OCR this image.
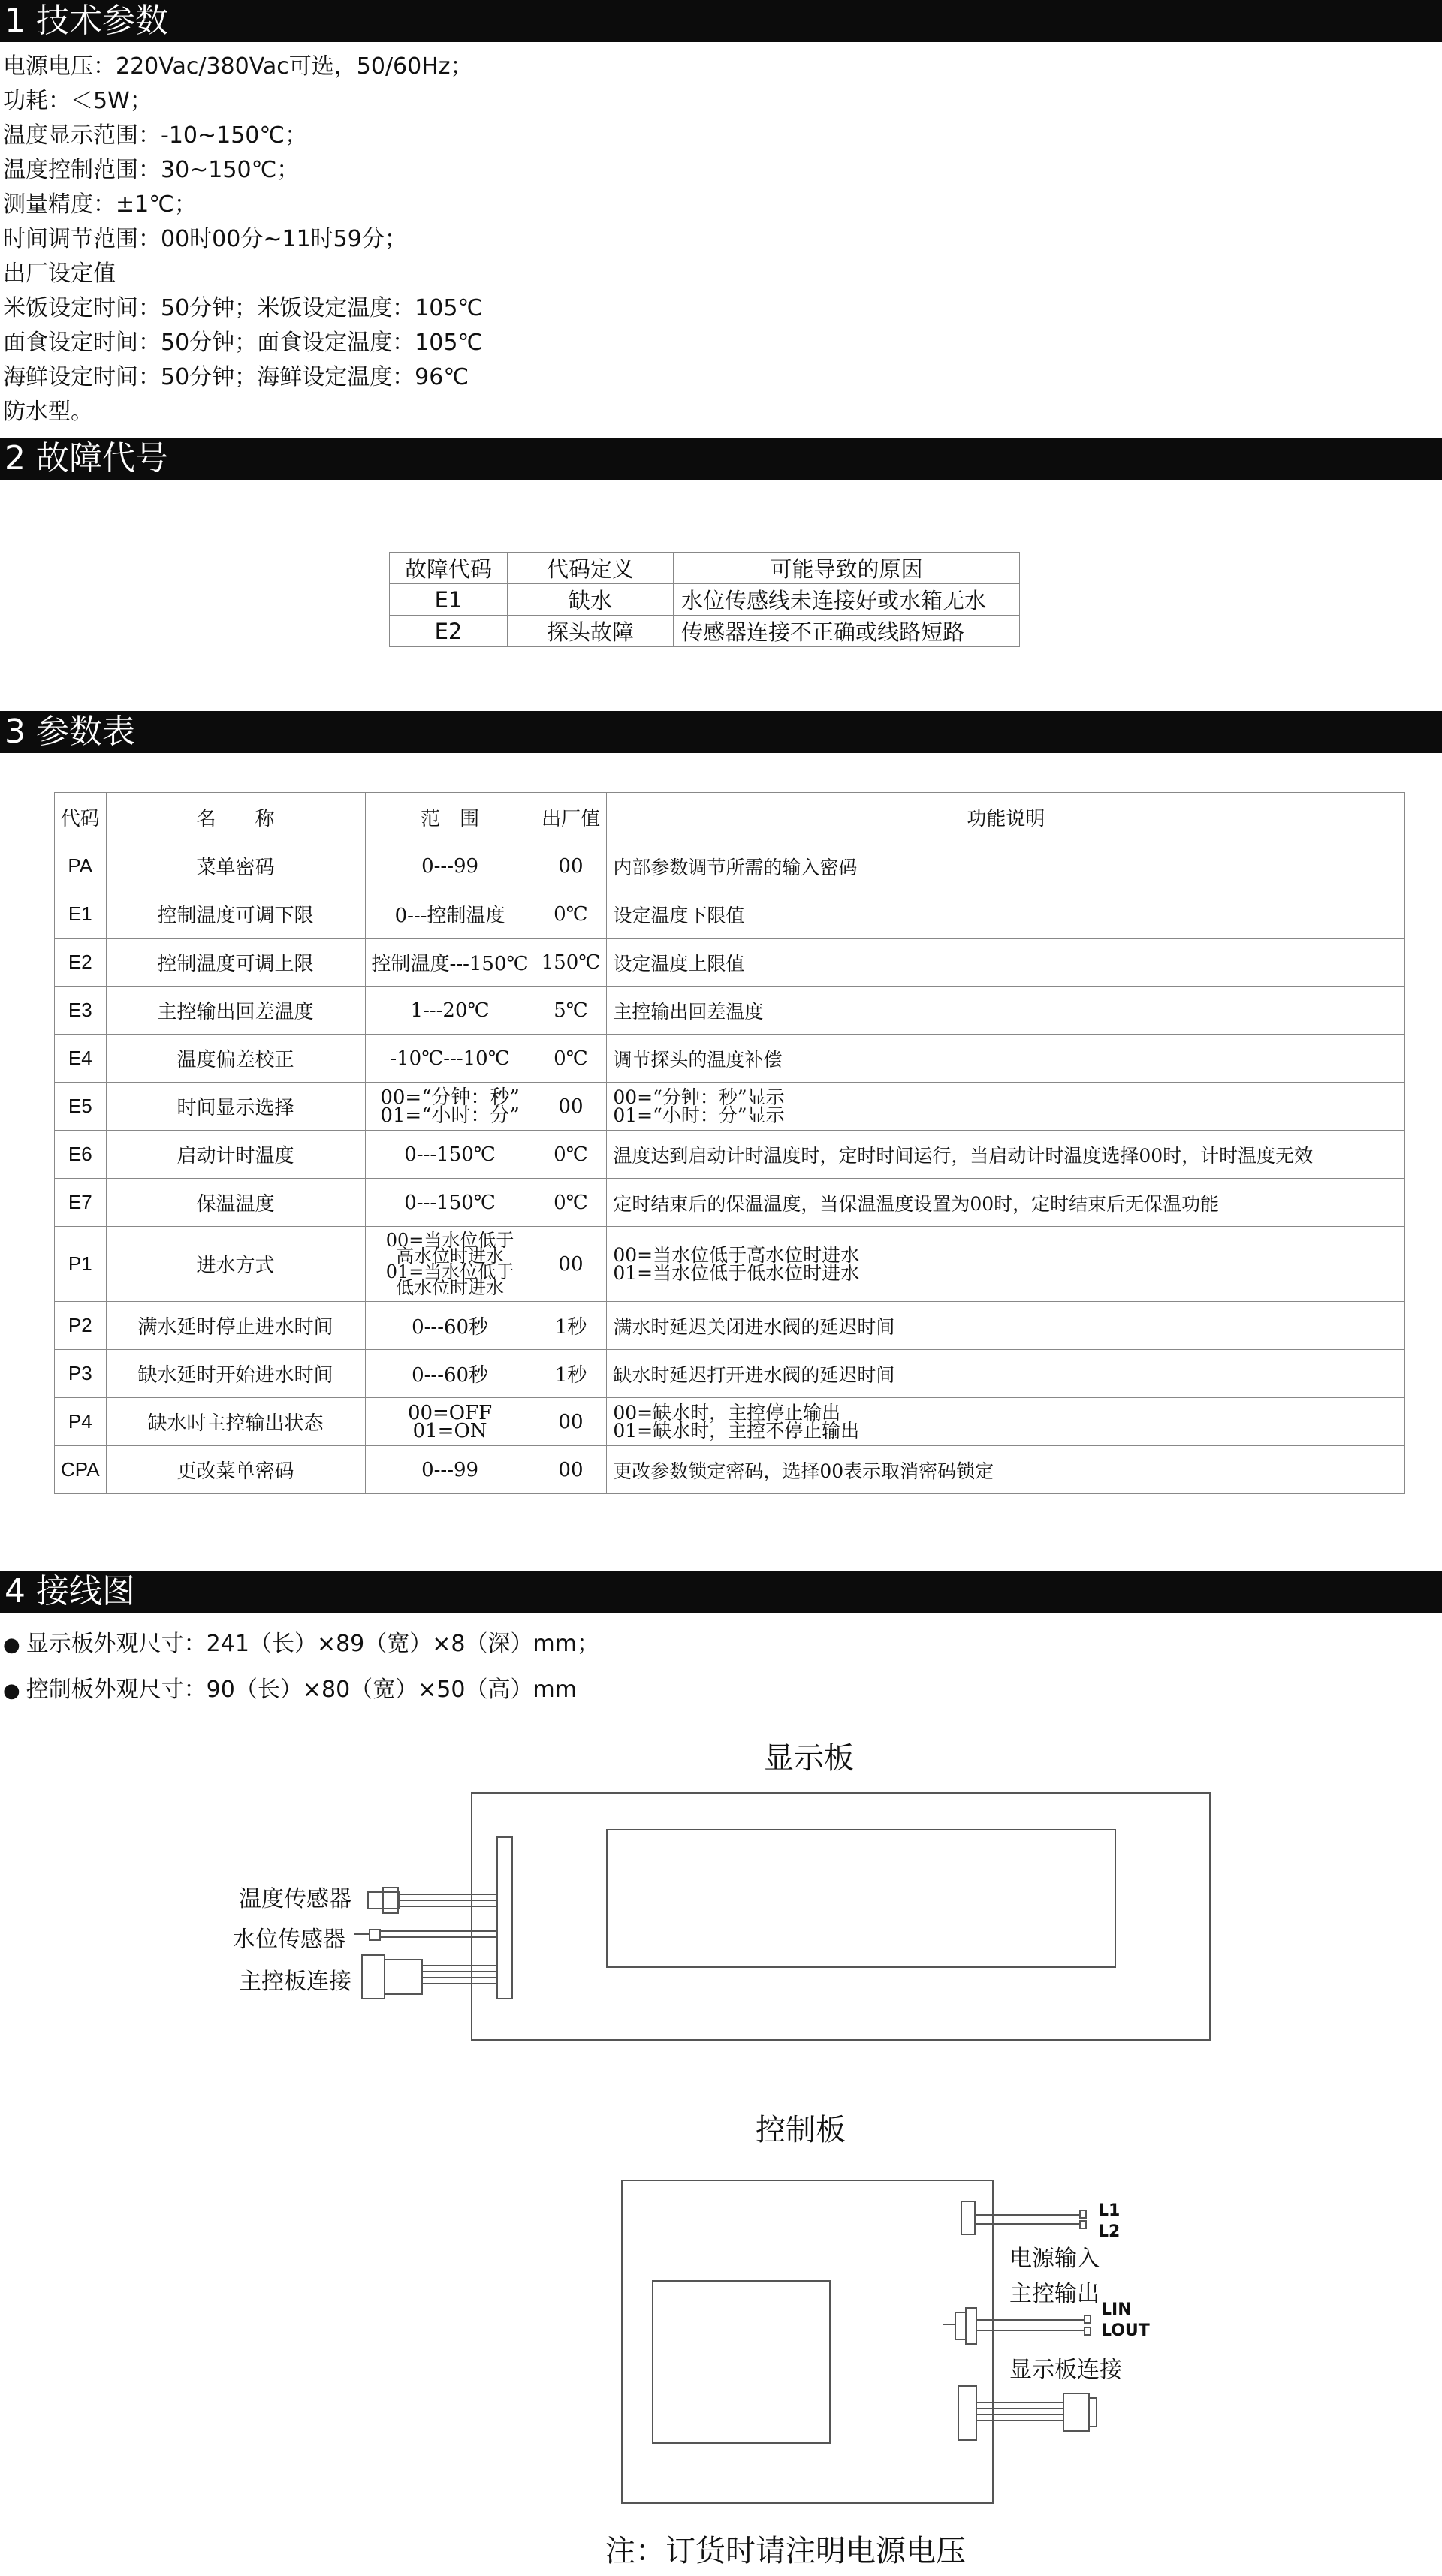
1 技术参数
电源电压：220Vac/380Vac可选，50/60Hz；
功耗：＜5W；
温度显示范围：-10~150℃；
温度控制范围：30~150℃；
测量精度：±1℃；
时间调节范围：00时00分~11时59分；
出厂设定值
米饭设定时间：50分钟；米饭设定温度：105℃
面食设定时间：50分钟；面食设定温度：105℃
海鲜设定时间：50分钟；海鲜设定温度：96℃
防水型。
2 故障代号
故障代码	代码定义	可能导致的原因
E1	缺水	水位传感线未连接好或水箱无水
E2	探头故障	传感器连接不正确或线路短路
3 参数表
代码	名　　称	范　围	出厂值	功能说明
PA	菜单密码	0---99	00	内部参数调节所需的输入密码
E1	控制温度可调下限	0---控制温度	0℃	设定温度下限值
E2	控制温度可调上限	控制温度---150℃	150℃	设定温度上限值
E3	主控输出回差温度	1---20℃	5℃	主控输出回差温度
E4	温度偏差校正	-10℃---10℃	0℃	调节探头的温度补偿
E5	时间显示选择	00=“分钟：秒”
01=“小时：分”	00	00=“分钟：秒”显示
01=“小时：分”显示
E6	启动计时温度	0---150℃	0℃	温度达到启动计时温度时，定时时间运行，当启动计时温度选择00时，计时温度无效
E7	保温温度	0---150℃	0℃	定时结束后的保温温度，当保温温度设置为00时，定时结束后无保温功能
P1	进水方式	00=当水位低于
高水位时进水
01=当水位低于
低水位时进水	00	00=当水位低于高水位时进水
01=当水位低于低水位时进水
P2	满水延时停止进水时间	0---60秒	1秒	满水时延迟关闭进水阀的延迟时间
P3	缺水延时开始进水时间	0---60秒	1秒	缺水时延迟打开进水阀的延迟时间
P4	缺水时主控输出状态	00=OFF
01=ON	00	00=缺水时，主控停止输出
01=缺水时，主控不停止输出
CPA	更改菜单密码	0---99	00	更改参数锁定密码，选择00表示取消密码锁定
4 接线图
● 显示板外观尺寸：241（长）×89（宽）×8（深）mm；
● 控制板外观尺寸：90（长）×80（宽）×50（高）mm
显示板
温度传感器
水位传感器
主控板连接
控制板
电源输入
主控输出
显示板连接
L1
L2
LIN
LOUT
注：订货时请注明电源电压
